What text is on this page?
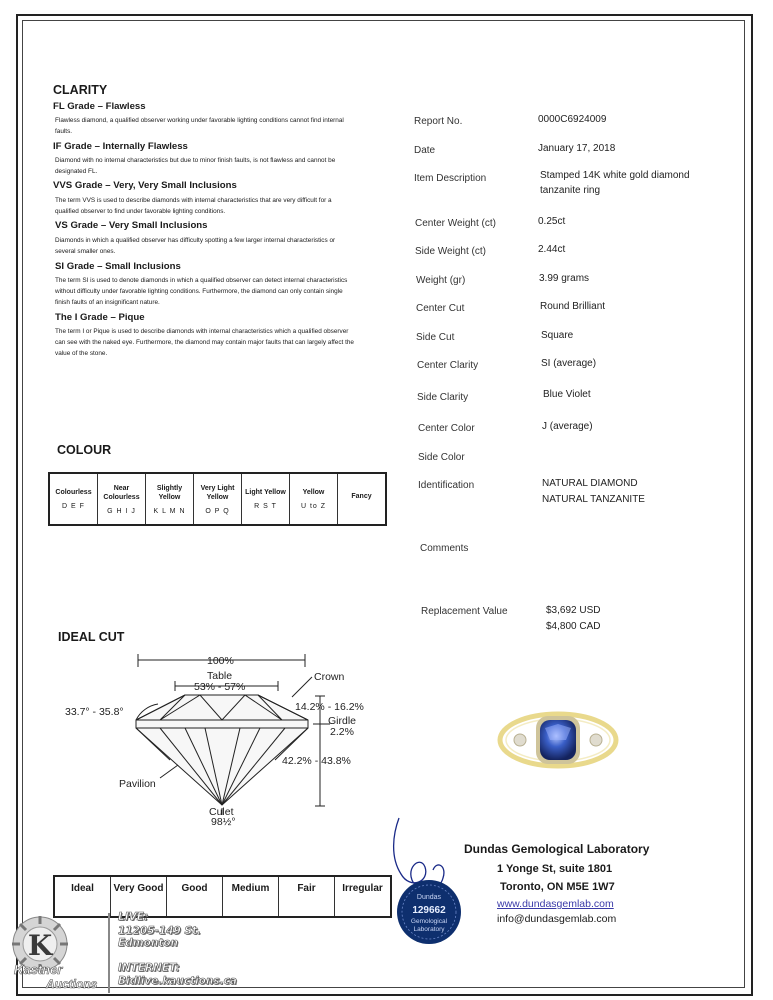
CLARITY
FL Grade – Flawless
Flawless diamond, a qualified observer working under favorable lighting conditions cannot find internal faults.
IF Grade – Internally Flawless
Diamond with no internal characteristics but due to minor finish faults, is not flawless and cannot be designated FL.
VVS Grade – Very, Very Small Inclusions
The term VVS is used to describe diamonds with internal characteristics that are very difficult for a qualified observer to find under favorable lighting conditions.
VS Grade – Very Small Inclusions
Diamonds in which a qualified observer has difficulty spotting a few larger internal characteristics or several smaller ones.
SI Grade – Small Inclusions
The term SI is used to denote diamonds in which a qualified observer can detect internal characteristics without difficulty under favorable lighting conditions. Furthermore, the diamond can only contain single finish faults of an insignificant nature.
The I Grade – Pique
The term I or Pique is used to describe diamonds with internal characteristics which a qualified observer can see with the naked eye. Furthermore, the diamond may contain major faults that can largely affect the value of the stone.
COLOUR
Colourless
D E F

Near Colourless
G H I J

Slightly Yellow
K L M N

Very Light Yellow
O P Q

Light Yellow
R S T

Yellow
U to Z

Fancy
IDEAL CUT
100%
Table
53% - 57%
Crown
33.7° - 35.8°	14.2% - 16.2%
Girdle
2.2%
42.2% - 43.8%
Pavilion
Culet
98½°
Ideal	Very Good	Good	Medium	Fair	Irregular
Report No.	0000C6924009
Date	January 17, 2018
Item Description	Stamped 14K white gold diamond tanzanite ring
Center Weight (ct)	0.25ct
Side Weight (ct)	2.44ct
Weight (gr)	3.99 grams
Center Cut	Round Brilliant
Side Cut	Square
Center Clarity	SI (average)
Side Clarity	Blue Violet
Center Color	J (average)
Side Color
Identification	NATURAL DIAMOND
NATURAL TANZANITE
Comments
Replacement Value	$3,692 USD
$4,800 CAD
Dundas Gemological Laboratory
1 Yonge St, suite 1801
Toronto, ON M5E 1W7
www.dundasgemlab.com
info@dundasgemlab.com
Dundas
129662
Gemological
Laboratory
K
Kastner
Auctions
LIVE:
11205-149 St.
Edmonton
INTERNET:
Bidlive.kauctions.ca
